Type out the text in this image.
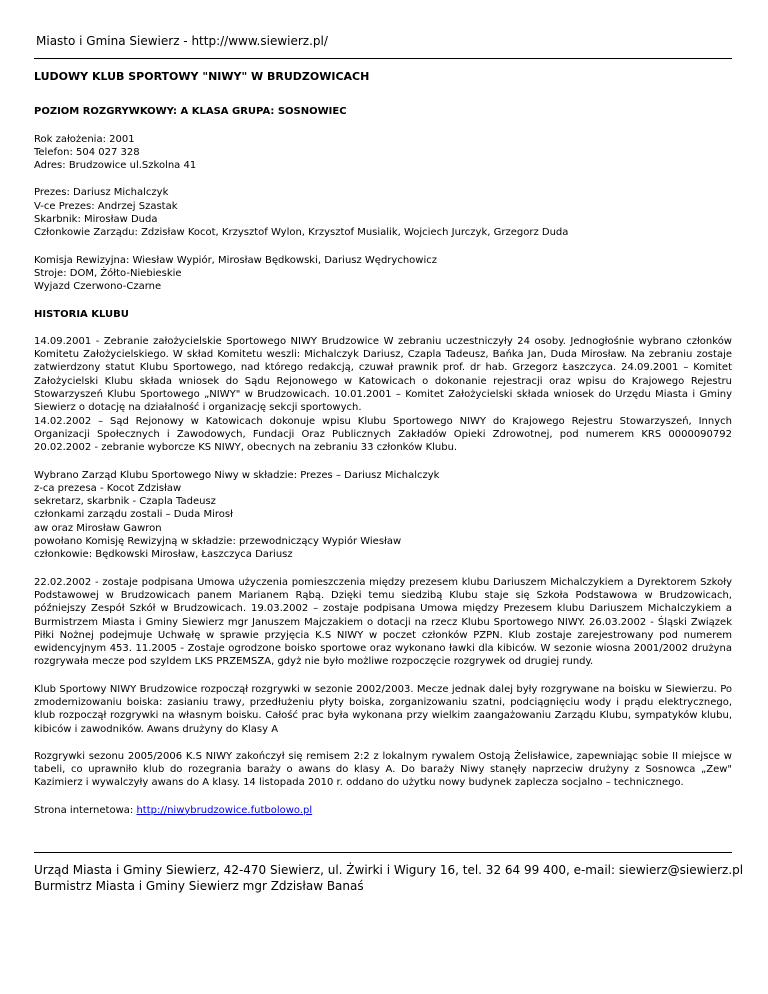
Miasto i Gmina Siewierz - http://www.siewierz.pl/
LUDOWY KLUB SPORTOWY "NIWY" W BRUDZOWICACH
POZIOM ROZGRYWKOWY: A KLASA GRUPA: SOSNOWIEC
Rok założenia: 2001
Telefon: 504 027 328
Adres: Brudzowice ul.Szkolna 41
Prezes: Dariusz Michalczyk
V-ce Prezes: Andrzej Szastak
Skarbnik: Mirosław Duda
Członkowie Zarządu: Zdzisław Kocot, Krzysztof Wylon, Krzysztof Musialik, Wojciech Jurczyk, Grzegorz Duda
Komisja Rewizyjna: Wiesław Wypiór, Mirosław Będkowski, Dariusz Wędrychowicz
Stroje: DOM, Żółto-Niebieskie
Wyjazd Czerwono-Czarne
HISTORIA KLUBU
14.09.2001 - Zebranie założycielskie Sportowego NIWY Brudzowice W zebraniu uczestniczyły 24 osoby. Jednogłośnie wybrano członków Komitetu Założycielskiego. W skład Komitetu weszli: Michalczyk Dariusz, Czapla Tadeusz, Bańka Jan, Duda Mirosław. Na zebraniu zostaje zatwierdzony statut Klubu Sportowego, nad którego redakcją, czuwał prawnik prof. dr hab. Grzegorz Łaszczyca. 24.09.2001 – Komitet Założycielski Klubu składa wniosek do Sądu Rejonowego w Katowicach o dokonanie rejestracji oraz wpisu do Krajowego Rejestru Stowarzyszeń Klubu Sportowego „NIWY" w Brudzowicach. 10.01.2001 – Komitet Założycielski składa wniosek do Urzędu Miasta i Gminy Siewierz o dotację na działalność i organizację sekcji sportowych.
14.02.2002 – Sąd Rejonowy w Katowicach dokonuje wpisu Klubu Sportowego NIWY do Krajowego Rejestru Stowarzyszeń, Innych Organizacji Społecznych i Zawodowych, Fundacji Oraz Publicznych Zakładów Opieki Zdrowotnej, pod numerem KRS 0000090792 20.02.2002 - zebranie wyborcze KS NIWY, obecnych na zebraniu 33 członków Klubu.
Wybrano Zarząd Klubu Sportowego Niwy w składzie: Prezes – Dariusz Michalczyk
z-ca prezesa - Kocot Zdzisław
sekretarz, skarbnik - Czapla Tadeusz
członkami zarządu zostali – Duda Mirosł
aw oraz Mirosław Gawron
powołano Komisję Rewizyjną w składzie: przewodniczący Wypiór Wiesław
członkowie: Będkowski Mirosław, Łaszczyca Dariusz
22.02.2002 - zostaje podpisana Umowa użyczenia pomieszczenia między prezesem klubu Dariuszem Michalczykiem a Dyrektorem Szkoły Podstawowej w Brudzowicach panem Marianem Rąbą. Dzięki temu siedzibą Klubu staje się Szkoła Podstawowa w Brudzowicach, późniejszy Zespół Szkół w Brudzowicach. 19.03.2002 – zostaje podpisana Umowa między Prezesem klubu Dariuszem Michalczykiem a Burmistrzem Miasta i Gminy Siewierz mgr Januszem Majczakiem o dotacji na rzecz Klubu Sportowego NIWY. 26.03.2002 - Śląski Związek Piłki Nożnej podejmuje Uchwałę w sprawie przyjęcia K.S NIWY w poczet członków PZPN. Klub zostaje zarejestrowany pod numerem ewidencyjnym 453. 11.2005 - Zostaje ogrodzone boisko sportowe oraz wykonano ławki dla kibiców. W sezonie wiosna 2001/2002 drużyna rozgrywała mecze pod szyldem LKS PRZEMSZA, gdyż nie było możliwe rozpoczęcie rozgrywek od drugiej rundy.
Klub Sportowy NIWY Brudzowice rozpoczął rozgrywki w sezonie 2002/2003. Mecze jednak dalej były rozgrywane na boisku w Siewierzu. Po zmodernizowaniu boiska: zasianiu trawy, przedłużeniu płyty boiska, zorganizowaniu szatni, podciągnięciu wody i prądu elektrycznego, klub rozpoczął rozgrywki na własnym boisku. Całość prac była wykonana przy wielkim zaangażowaniu Zarządu Klubu, sympatyków klubu, kibiców i zawodników. Awans drużyny do Klasy A
Rozgrywki sezonu 2005/2006 K.S NIWY zakończył się remisem 2:2 z lokalnym rywalem Ostoją Żelisławice, zapewniając sobie II miejsce w tabeli, co uprawniło klub do rozegrania baraży o awans do klasy A. Do baraży Niwy stanęły naprzeciw drużyny z Sosnowca „Zew" Kazimierz i wywalczyły awans do A klasy. 14 listopada 2010 r. oddano do użytku nowy budynek zaplecza socjalno – technicznego.
Strona internetowa: http://niwybrudzowice.futbolowo.pl
Urząd Miasta i Gminy Siewierz, 42-470 Siewierz, ul. Żwirki i Wigury 16, tel. 32 64 99 400, e-mail: siewierz@siewierz.pl
Burmistrz Miasta i Gminy Siewierz mgr Zdzisław Banaś
